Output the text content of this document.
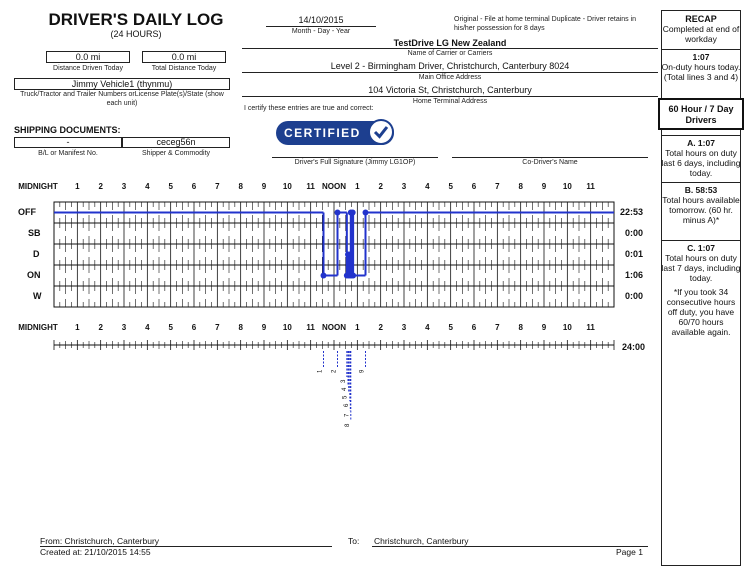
DRIVER'S DAILY LOG
(24 HOURS)
0.0 mi
Distance Driven Today
0.0 mi
Total Distance Today
Jimmy Vehicle1 (thynmu)
Truck/Tractor and Trailer Numbers orLicense Plate(s)/State (show each unit)
SHIPPING DOCUMENTS:
-
B/L or Manifest No.
ceceg56n
Shipper & Commodity
14/10/2015
Month - Day - Year
Original - File at home terminal Duplicate - Driver retains in his/her possession for 8 days
TestDrive LG New Zealand
Name of Carrier or Carriers
Level 2 - Birmingham Driver, Christchurch, Canterbury 8024
Main Office Address
104 Victoria St, Christchurch, Canterbury
Home Terminal Address
I certify these entries are true and correct:
CERTIFIED
Driver's Full Signature (Jimmy LG1OP)	Co-Driver's Name
OFF
SB
D
ON
W
22:53
0:00
0:01
1:06
0:00
24:00
MIDNIGHT 1 2 3 4 5 6 7 8 9 10 11 NOON 1 2 3 4 5 6 7 8 9 10 11
MIDNIGHT 1 2 3 4 5 6 7 8 9 10 11 NOON 1 2 3 4 5 6 7 8 9 10 11
1 2
3
4
5
6
7
8
9
RECAP
Completed at end of workday
1:07
On-duty hours today. (Total lines 3 and 4)
60 Hour / 7 Day Drivers
A. 1:07
Total hours on duty last 6 days, including today.
B. 58:53
Total hours available tomorrow. (60 hr. minus A)*
C. 1:07
Total hours on duty last 7 days, including today.
*If you took 34 consecutive hours off duty, you have 60/70 hours available again.
From: Christchurch, Canterbury
Created at: 21/10/2015 14:55
To: Christchurch, Canterbury
Page 1
